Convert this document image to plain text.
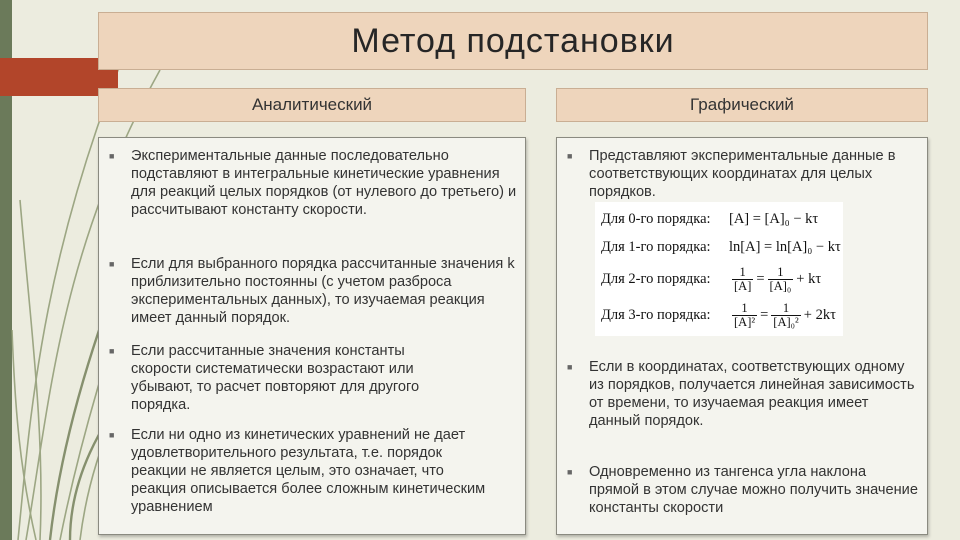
Метод подстановки
Аналитический	Графический
■ Экспериментальные данные последовательно подставляют в интегральные кинетические уравнения для реакций целых порядков (от нулевого до третьего) и рассчитывают константу скорости.
■ Если для выбранного порядка рассчитанные значения k приблизительно постоянны (с учетом разброса экспериментальных данных), то изучаемая реакция имеет данный порядок.
■ Если рассчитанные значения константы скорости систематически возрастают или убывают, то расчет повторяют для другого порядка.
■ Если ни одно из кинетических уравнений не дает удовлетворительного результата, т.е. порядок реакции не является целым, это означает, что реакция описывается более сложным кинетическим уравнением
■ Представляют экспериментальные данные в соответствующих координатах для целых порядков.
Для 0-го порядка:	[A] = [A]₀ − kτ
Для 1-го порядка:	ln[A] = ln[A]₀ − kτ
Для 2-го порядка:	$\frac{1}{[A]} = \frac{1}{\text{[A]₀}} + k\tau$
Для 3-го порядка:	$\frac{1}{\text{[A]²}} = \frac{1}{\text{[A]₀²}} + 2k\tau$
■ Если в координатах, соответствующих одному из порядков, получается линейная зависимость от времени, то изучаемая реакция имеет данный порядок.
■ Одновременно из тангенса угла наклона прямой в этом случае можно получить значение константы скорости
